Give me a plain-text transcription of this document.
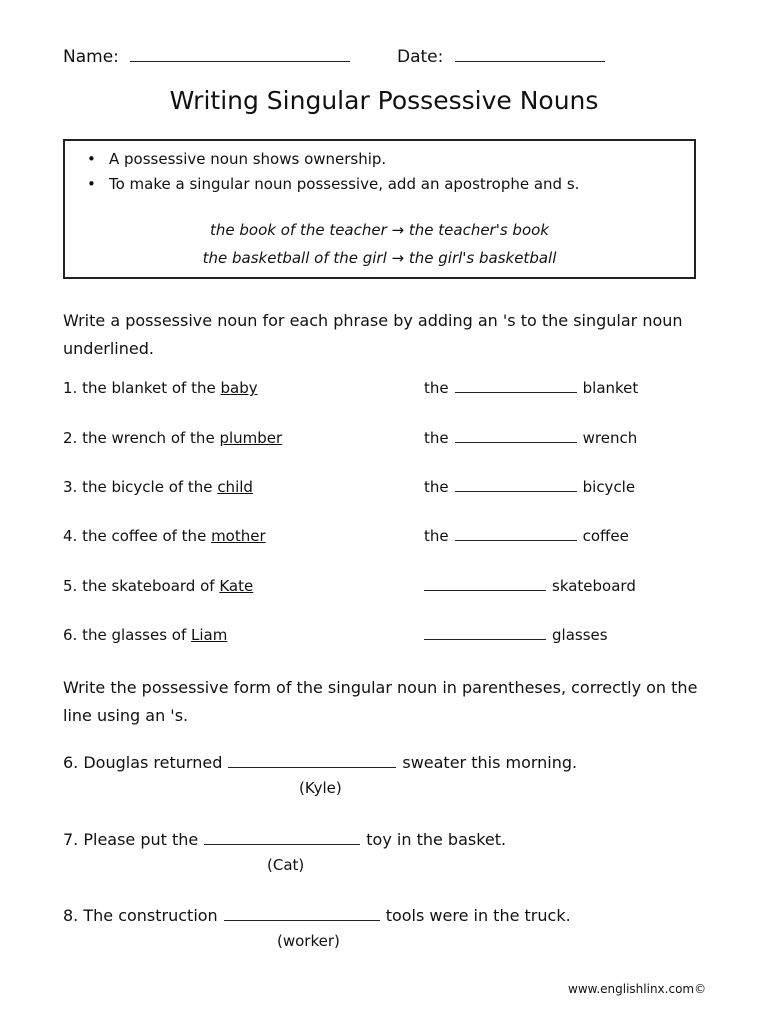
Name:	Date:
Writing Singular Possessive Nouns
• A possessive noun shows ownership.
• To make a singular noun possessive, add an apostrophe and s.
the book of the teacher → the teacher's book
the basketball of the girl → the girl's basketball
Write a possessive noun for each phrase by adding an 's to the singular noun underlined.
1. the blanket of the baby	the	blanket
2. the wrench of the plumber	the	wrench
3. the bicycle of the child	the	bicycle
4. the coffee of the mother	the	coffee
5. the skateboard of Kate	skateboard
6. the glasses of Liam	glasses
Write the possessive form of the singular noun in parentheses, correctly on the line using an 's.
6. Douglas returned	sweater this morning.
(Kyle)
7. Please put the	toy in the basket.
(Cat)
8. The construction	tools were in the truck.
(worker)
www.englishlinx.com©
